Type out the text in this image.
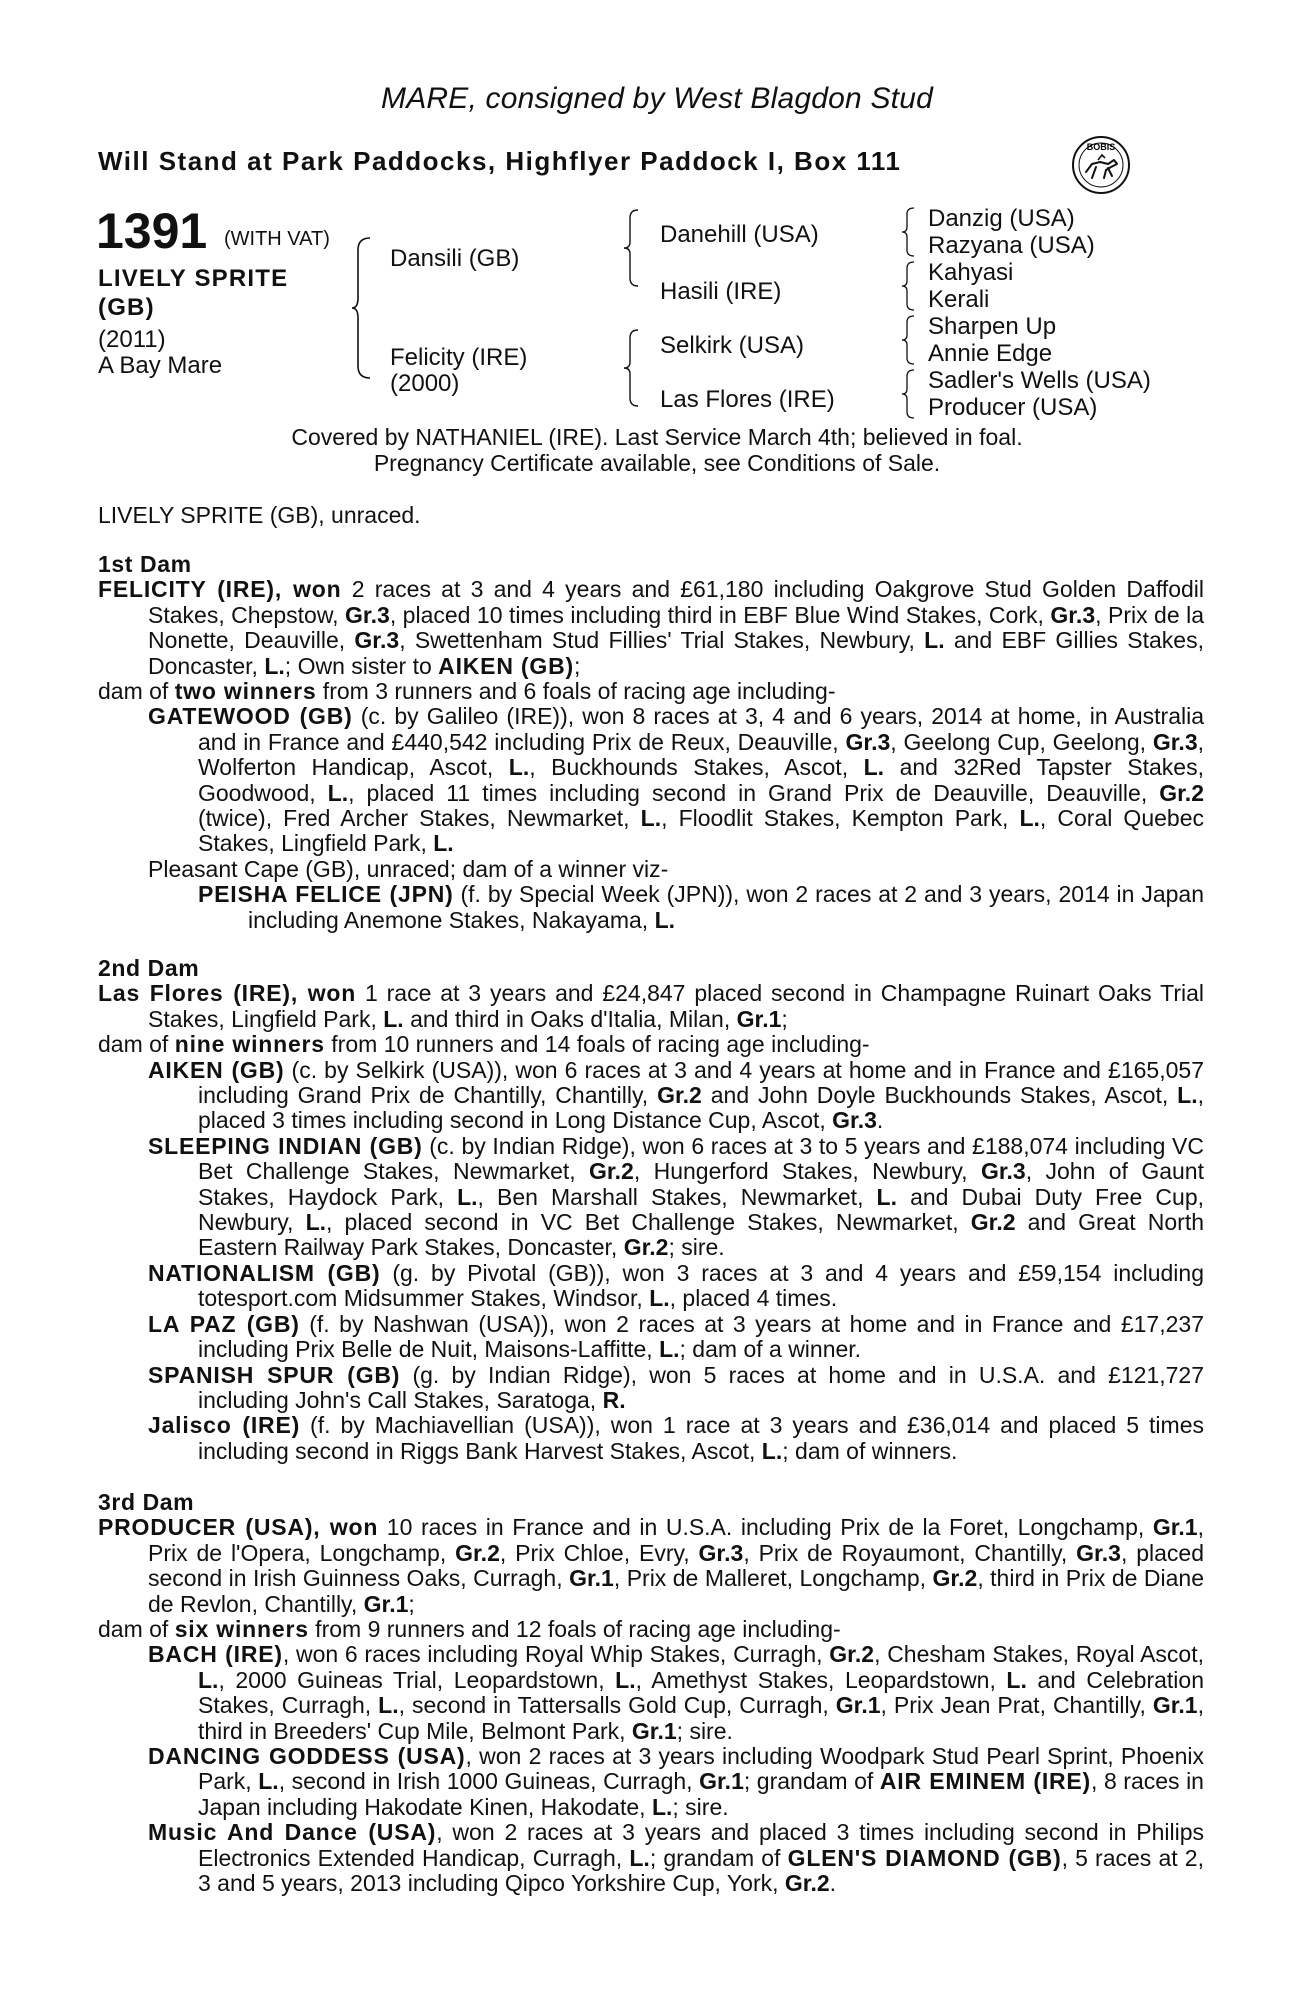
MARE, consigned by West Blagdon Stud
Will Stand at Park Paddocks, Highflyer Paddock I, Box 111	BOBIS
1391 (WITH VAT)
LIVELY SPRITE (GB)
(2011)
A Bay Mare
Dansili (GB)
Felicity (IRE)
(2000)
Danehill (USA)
Hasili (IRE)
Selkirk (USA)
Las Flores (IRE)
Danzig (USA)
Razyana (USA)
Kahyasi
Kerali
Sharpen Up
Annie Edge
Sadler's Wells (USA)
Producer (USA)
Covered by NATHANIEL (IRE). Last Service March 4th; believed in foal.
Pregnancy Certificate available, see Conditions of Sale.
LIVELY SPRITE (GB), unraced.
1st Dam

FELICITY (IRE), won 2 races at 3 and 4 years and £61,180 including Oakgrove Stud Golden Daffodil Stakes, Chepstow, Gr.3, placed 10 times including third in EBF Blue Wind Stakes, Cork, Gr.3, Prix de la Nonette, Deauville, Gr.3, Swettenham Stud Fillies' Trial Stakes, Newbury, L. and EBF Gillies Stakes, Doncaster, L.; Own sister to AIKEN (GB);

dam of two winners from 3 runners and 6 foals of racing age including-

GATEWOOD (GB) (c. by Galileo (IRE)), won 8 races at 3, 4 and 6 years, 2014 at home, in Australia and in France and £440,542 including Prix de Reux, Deauville, Gr.3, Geelong Cup, Geelong, Gr.3, Wolferton Handicap, Ascot, L., Buckhounds Stakes, Ascot, L. and 32Red Tapster Stakes, Goodwood, L., placed 11 times including second in Grand Prix de Deauville, Deauville, Gr.2 (twice), Fred Archer Stakes, Newmarket, L., Floodlit Stakes, Kempton Park, L., Coral Quebec Stakes, Lingfield Park, L.

Pleasant Cape (GB), unraced; dam of a winner viz-

PEISHA FELICE (JPN) (f. by Special Week (JPN)), won 2 races at 2 and 3 years, 2014 in Japan including Anemone Stakes, Nakayama, L.

2nd Dam

Las Flores (IRE), won 1 race at 3 years and £24,847 placed second in Champagne Ruinart Oaks Trial Stakes, Lingfield Park, L. and third in Oaks d'Italia, Milan, Gr.1;

dam of nine winners from 10 runners and 14 foals of racing age including-

AIKEN (GB) (c. by Selkirk (USA)), won 6 races at 3 and 4 years at home and in France and £165,057 including Grand Prix de Chantilly, Chantilly, Gr.2 and John Doyle Buckhounds Stakes, Ascot, L., placed 3 times including second in Long Distance Cup, Ascot, Gr.3.

SLEEPING INDIAN (GB) (c. by Indian Ridge), won 6 races at 3 to 5 years and £188,074 including VC Bet Challenge Stakes, Newmarket, Gr.2, Hungerford Stakes, Newbury, Gr.3, John of Gaunt Stakes, Haydock Park, L., Ben Marshall Stakes, Newmarket, L. and Dubai Duty Free Cup, Newbury, L., placed second in VC Bet Challenge Stakes, Newmarket, Gr.2 and Great North Eastern Railway Park Stakes, Doncaster, Gr.2; sire.

NATIONALISM (GB) (g. by Pivotal (GB)), won 3 races at 3 and 4 years and £59,154 including totesport.com Midsummer Stakes, Windsor, L., placed 4 times.

LA PAZ (GB) (f. by Nashwan (USA)), won 2 races at 3 years at home and in France and £17,237 including Prix Belle de Nuit, Maisons-Laffitte, L.; dam of a winner.

SPANISH SPUR (GB) (g. by Indian Ridge), won 5 races at home and in U.S.A. and £121,727 including John's Call Stakes, Saratoga, R.

Jalisco (IRE) (f. by Machiavellian (USA)), won 1 race at 3 years and £36,014 and placed 5 times including second in Riggs Bank Harvest Stakes, Ascot, L.; dam of winners.

3rd Dam

PRODUCER (USA), won 10 races in France and in U.S.A. including Prix de la Foret, Longchamp, Gr.1, Prix de l'Opera, Longchamp, Gr.2, Prix Chloe, Evry, Gr.3, Prix de Royaumont, Chantilly, Gr.3, placed second in Irish Guinness Oaks, Curragh, Gr.1, Prix de Malleret, Longchamp, Gr.2, third in Prix de Diane de Revlon, Chantilly, Gr.1;

dam of six winners from 9 runners and 12 foals of racing age including-

BACH (IRE), won 6 races including Royal Whip Stakes, Curragh, Gr.2, Chesham Stakes, Royal Ascot, L., 2000 Guineas Trial, Leopardstown, L., Amethyst Stakes, Leopardstown, L. and Celebration Stakes, Curragh, L., second in Tattersalls Gold Cup, Curragh, Gr.1, Prix Jean Prat, Chantilly, Gr.1, third in Breeders' Cup Mile, Belmont Park, Gr.1; sire.

DANCING GODDESS (USA), won 2 races at 3 years including Woodpark Stud Pearl Sprint, Phoenix Park, L., second in Irish 1000 Guineas, Curragh, Gr.1; grandam of AIR EMINEM (IRE), 8 races in Japan including Hakodate Kinen, Hakodate, L.; sire.

Music And Dance (USA), won 2 races at 3 years and placed 3 times including second in Philips Electronics Extended Handicap, Curragh, L.; grandam of GLEN'S DIAMOND (GB), 5 races at 2, 3 and 5 years, 2013 including Qipco Yorkshire Cup, York, Gr.2.
